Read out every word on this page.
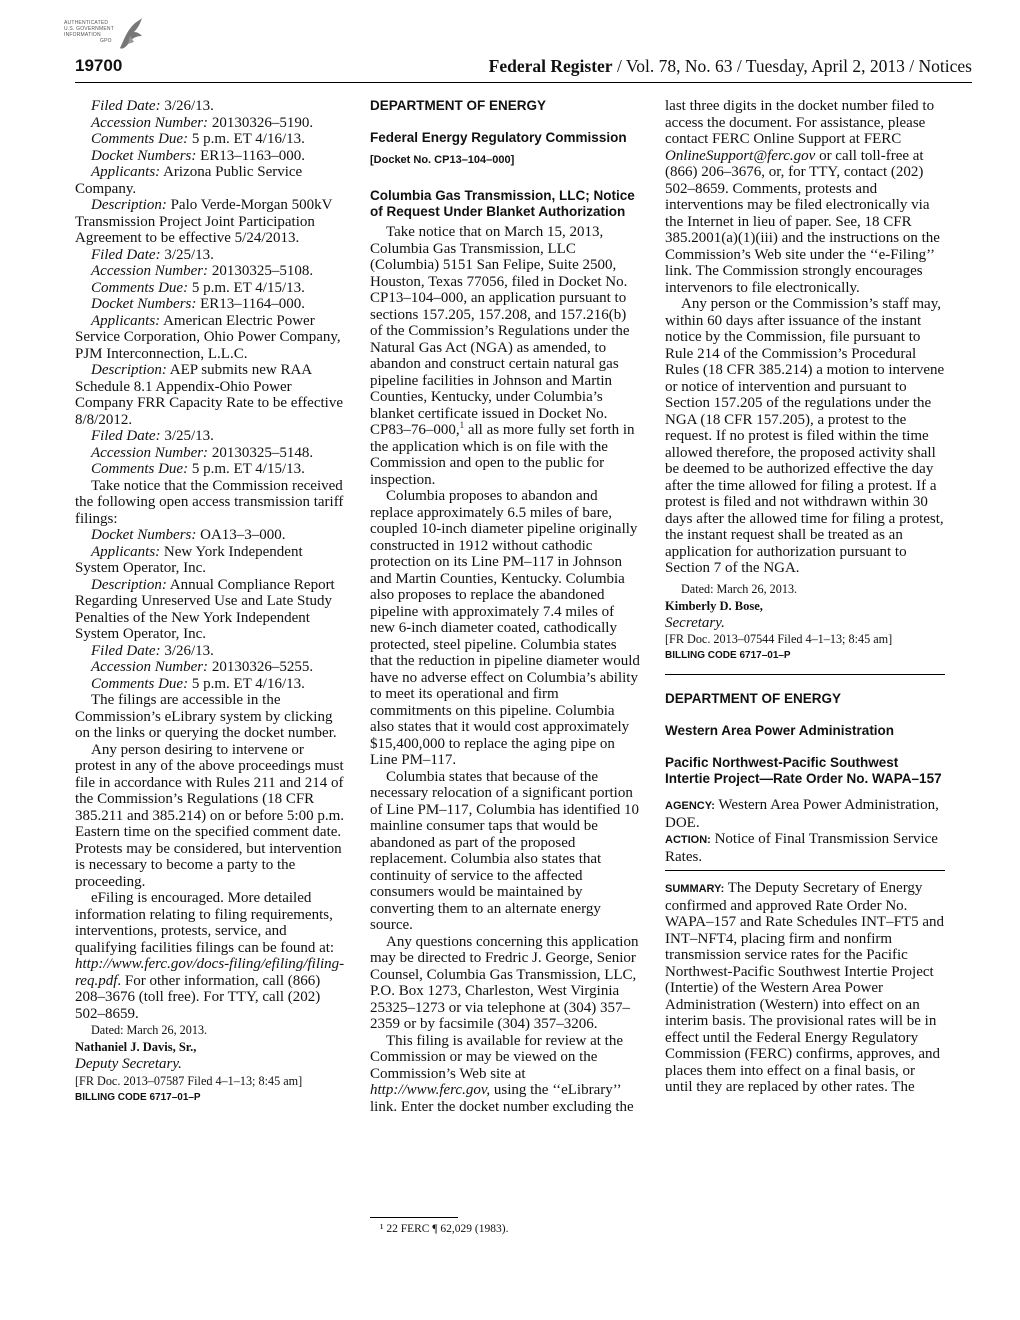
AUTHENTICATED
U.S. GOVERNMENT
INFORMATION
GPO
19700	Federal Register / Vol. 78, No. 63 / Tuesday, April 2, 2013 / Notices

Filed Date: 3/26/13.

Accession Number: 20130326–5190.

Comments Due: 5 p.m. ET 4/16/13.

Docket Numbers: ER13–1163–000.

Applicants: Arizona Public Service Company.

Description: Palo Verde-Morgan 500kV Transmission Project Joint Participation Agreement to be effective 5/24/2013.

Filed Date: 3/25/13.

Accession Number: 20130325–5108.

Comments Due: 5 p.m. ET 4/15/13.

Docket Numbers: ER13–1164–000.

Applicants: American Electric Power Service Corporation, Ohio Power Company, PJM Interconnection, L.L.C.

Description: AEP submits new RAA Schedule 8.1 Appendix-Ohio Power Company FRR Capacity Rate to be effective 8/8/2012.

Filed Date: 3/25/13.

Accession Number: 20130325–5148.

Comments Due: 5 p.m. ET 4/15/13.

Take notice that the Commission received the following open access transmission tariff filings:

Docket Numbers: OA13–3–000.

Applicants: New York Independent System Operator, Inc.

Description: Annual Compliance Report Regarding Unreserved Use and Late Study Penalties of the New York Independent System Operator, Inc.

Filed Date: 3/26/13.

Accession Number: 20130326–5255.

Comments Due: 5 p.m. ET 4/16/13.

The filings are accessible in the Commission’s eLibrary system by clicking on the links or querying the docket number.

Any person desiring to intervene or protest in any of the above proceedings must file in accordance with Rules 211 and 214 of the Commission’s Regulations (18 CFR 385.211 and 385.214) on or before 5:00 p.m. Eastern time on the specified comment date. Protests may be considered, but intervention is necessary to become a party to the proceeding.

eFiling is encouraged. More detailed information relating to filing requirements, interventions, protests, service, and qualifying facilities filings can be found at: http://www.ferc.gov/docs-filing/efiling/filing-req.pdf. For other information, call (866) 208–3676 (toll free). For TTY, call (202) 502–8659.

Dated: March 26, 2013.

Nathaniel J. Davis, Sr.,

Deputy Secretary.

[FR Doc. 2013–07587 Filed 4–1–13; 8:45 am]

BILLING CODE 6717–01–P

DEPARTMENT OF ENERGY
Federal Energy Regulatory Commission
[Docket No. CP13–104–000]
Columbia Gas Transmission, LLC; Notice of Request Under Blanket Authorization

Take notice that on March 15, 2013, Columbia Gas Transmission, LLC (Columbia) 5151 San Felipe, Suite 2500, Houston, Texas 77056, filed in Docket No. CP13–104–000, an application pursuant to sections 157.205, 157.208, and 157.216(b) of the Commission’s Regulations under the Natural Gas Act (NGA) as amended, to abandon and construct certain natural gas pipeline facilities in Johnson and Martin Counties, Kentucky, under Columbia’s blanket certificate issued in Docket No. CP83–76–000,$^1$ all as more fully set forth in the application which is on file with the Commission and open to the public for inspection.

Columbia proposes to abandon and replace approximately 6.5 miles of bare, coupled 10-inch diameter pipeline originally constructed in 1912 without cathodic protection on its Line PM–117 in Johnson and Martin Counties, Kentucky. Columbia also proposes to replace the abandoned pipeline with approximately 7.4 miles of new 6-inch diameter coated, cathodically protected, steel pipeline. Columbia states that the reduction in pipeline diameter would have no adverse effect on Columbia’s ability to meet its operational and firm commitments on this pipeline. Columbia also states that it would cost approximately $15,400,000 to replace the aging pipe on Line PM–117.

Columbia states that because of the necessary relocation of a significant portion of Line PM–117, Columbia has identified 10 mainline consumer taps that would be abandoned as part of the proposed replacement. Columbia also states that continuity of service to the affected consumers would be maintained by converting them to an alternate energy source.

Any questions concerning this application may be directed to Fredric J. George, Senior Counsel, Columbia Gas Transmission, LLC, P.O. Box 1273, Charleston, West Virginia 25325–1273 or via telephone at (304) 357–2359 or by facsimile (304) 357–3206.

This filing is available for review at the Commission or may be viewed on the Commission’s Web site at http://www.ferc.gov, using the ‘‘eLibrary’’ link. Enter the docket number excluding the

¹ 22 FERC ¶ 62,029 (1983).

last three digits in the docket number filed to access the document. For assistance, please contact FERC Online Support at FERC OnlineSupport@ferc.gov or call toll-free at (866) 206–3676, or, for TTY, contact (202) 502–8659. Comments, protests and interventions may be filed electronically via the Internet in lieu of paper. See, 18 CFR 385.2001(a)(1)(iii) and the instructions on the Commission’s Web site under the ‘‘e-Filing’’ link. The Commission strongly encourages intervenors to file electronically.

Any person or the Commission’s staff may, within 60 days after issuance of the instant notice by the Commission, file pursuant to Rule 214 of the Commission’s Procedural Rules (18 CFR 385.214) a motion to intervene or notice of intervention and pursuant to Section 157.205 of the regulations under the NGA (18 CFR 157.205), a protest to the request. If no protest is filed within the time allowed therefore, the proposed activity shall be deemed to be authorized effective the day after the time allowed for filing a protest. If a protest is filed and not withdrawn within 30 days after the allowed time for filing a protest, the instant request shall be treated as an application for authorization pursuant to Section 7 of the NGA.

Dated: March 26, 2013.

Kimberly D. Bose,

Secretary.

[FR Doc. 2013–07544 Filed 4–1–13; 8:45 am]

BILLING CODE 6717–01–P

DEPARTMENT OF ENERGY
Western Area Power Administration
Pacific Northwest-Pacific Southwest Intertie Project—Rate Order No. WAPA–157

AGENCY: Western Area Power Administration, DOE.

ACTION: Notice of Final Transmission Service Rates.

SUMMARY: The Deputy Secretary of Energy confirmed and approved Rate Order No. WAPA–157 and Rate Schedules INT–FT5 and INT–NFT4, placing firm and nonfirm transmission service rates for the Pacific Northwest-Pacific Southwest Intertie Project (Intertie) of the Western Area Power Administration (Western) into effect on an interim basis. The provisional rates will be in effect until the Federal Energy Regulatory Commission (FERC) confirms, approves, and places them into effect on a final basis, or until they are replaced by other rates. The
